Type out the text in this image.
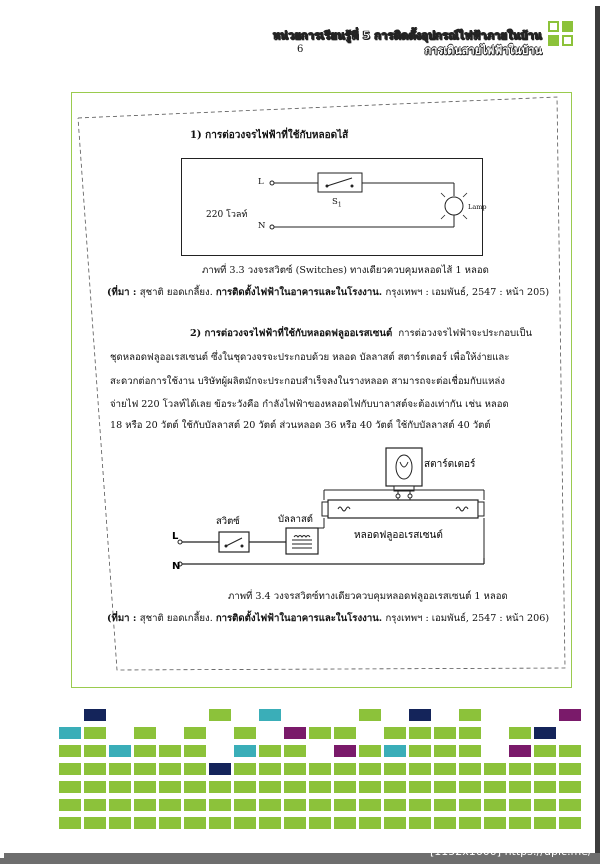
หน่วยการเรียนรู้ที่ 5 การติดตั้งอุปกรณ์ไฟฟ้าภายในบ้าน
การเดินสายไฟฟ้าในบ้าน
6
1) การต่อวงจรไฟฟ้าที่ใช้กับหลอดไส้
L
N
220 โวลท์
$S_1$	Lamp
ภาพที่ 3.3 วงจรสวิตซ์ (Switches) ทางเดียวควบคุมหลอดไส้ 1 หลอด
(ที่มา : สุชาติ ยอดเกลี้ยง. การติดตั้งไฟฟ้าในอาคารและในโรงงาน. กรุงเทพฯ : เอมพันธ์, 2547 : หน้า 205)
2) การต่อวงจรไฟฟ้าที่ใช้กับหลอดฟลูออเรสเซนต์ การต่อวงจรไฟฟ้าจะประกอบเป็น
ชุดหลอดฟลูออเรสเซนต์ ซึ่งในชุดวงจรจะประกอบด้วย หลอด บัลลาสต์ สตาร์ตเตอร์ เพื่อให้ง่ายและ
สะดวกต่อการใช้งาน บริษัทผู้ผลิตมักจะประกอบสำเร็จลงในรางหลอด สามารถจะต่อเชื่อมกับแหล่ง
จ่ายไฟ 220 โวลท์ได้เลย ข้อระวังคือ กำลังไฟฟ้าของหลอดไฟกับบาลาสต์จะต้องเท่ากัน เช่น หลอด
18 หรือ 20 วัตต์ ใช้กับบัลลาสต์ 20 วัตต์ ส่วนหลอด 36 หรือ 40 วัตต์ ใช้กับบัลลาสต์ 40 วัตต์
L
N
สตาร์ตเตอร์
สวิตซ์	บัลลาสต์
หลอดฟลูออเรสเซนต์
ภาพที่ 3.4 วงจรสวิตซ์ทางเดียวควบคุมหลอดฟลูออเรสเซนต์ 1 หลอด
(ที่มา : สุชาติ ยอดเกลี้ยง. การติดตั้งไฟฟ้าในอาคารและในโรงงาน. กรุงเทพฯ : เอมพันธ์, 2547 : หน้า 206)
[1152x1600] https://upic.me/
